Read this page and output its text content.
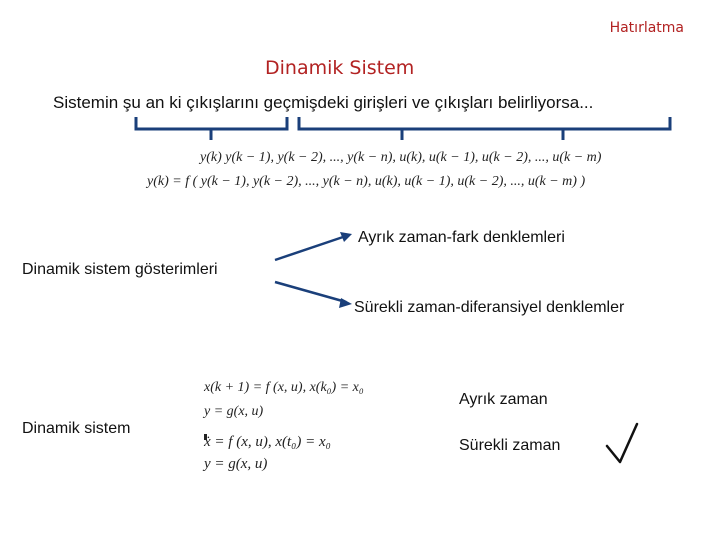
Hatırlatma
Dinamik Sistem
Sistemin şu an ki çıkışlarını geçmişdeki girişleri ve çıkışları belirliyorsa...
y(k) y(k − 1), y(k − 2), ..., y(k − n), u(k), u(k − 1), u(k − 2), ..., u(k − m)
y(k) = f ( y(k − 1), y(k − 2), ..., y(k − n), u(k), u(k − 1), u(k − 2), ..., u(k − m) )
Ayrık zaman-fark denklemleri
Dinamik sistem gösterimleri
Sürekli zaman-diferansiyel denklemler
x(k + 1) = f (x, u), x(k₀) = x₀
y = g(x, u)
Ayrık zaman
Dinamik sistem
ẋ = f (x, u), x(t₀) = x₀
y = g(x, u)
Sürekli zaman
